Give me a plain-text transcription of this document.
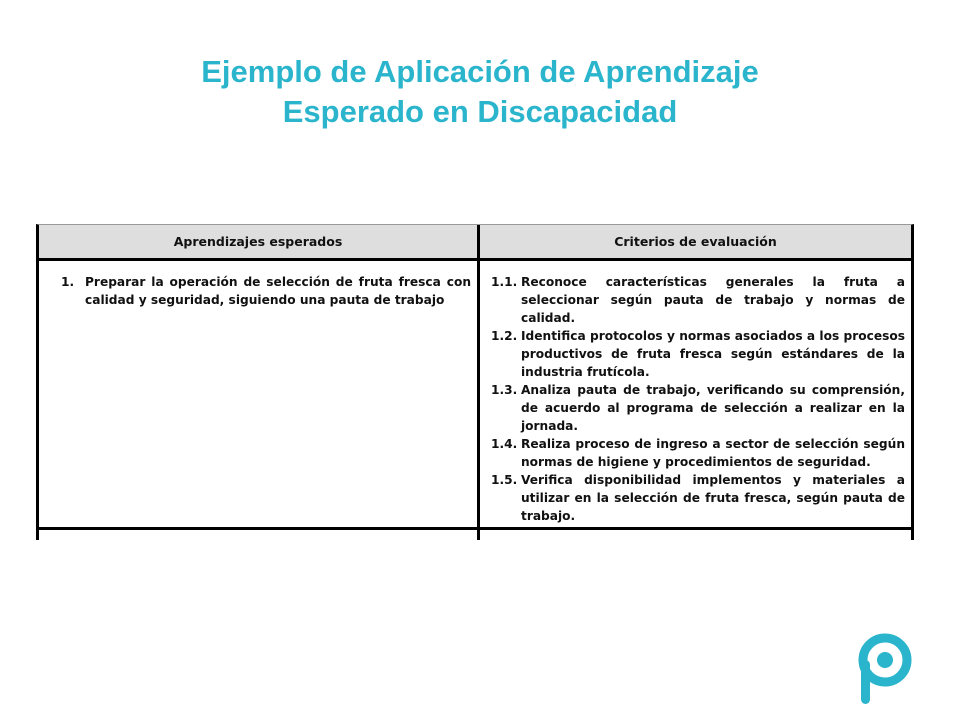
Ejemplo de Aplicación de Aprendizaje
Esperado en Discapacidad
Aprendizajes esperados	Criterios de evaluación
1. Preparar la operación de selección de fruta fresca con calidad y seguridad, siguiendo una pauta de trabajo
1.1. Reconoce características generales la fruta a seleccionar según pauta de trabajo y normas de calidad.
1.2. Identifica protocolos y normas asociados a los procesos productivos de fruta fresca según estándares de la industria frutícola.
1.3. Analiza pauta de trabajo, verificando su comprensión, de acuerdo al programa de selección a realizar en la jornada.
1.4. Realiza proceso de ingreso a sector de selección según normas de higiene y procedimientos de seguridad.
1.5. Verifica disponibilidad implementos y materiales a utilizar en la selección de fruta fresca, según pauta de trabajo.
